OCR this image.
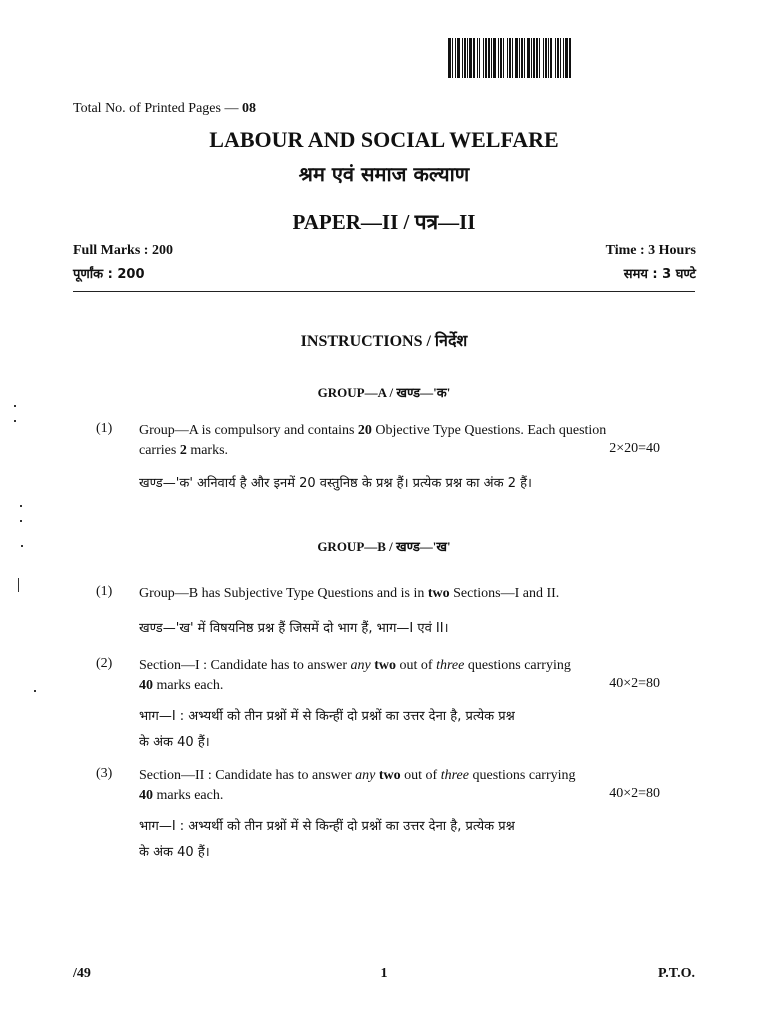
Total No. of Printed Pages — 08
LABOUR AND SOCIAL WELFARE
श्रम एवं समाज कल्याण
PAPER—II / पत्र—II
Full Marks : 200
पूर्णांक : 200
Time : 3 Hours
समय : 3 घण्टे
INSTRUCTIONS / निर्देश
GROUP—A / खण्ड—'क'
(1) Group—A is compulsory and contains 20 Objective Type Questions. Each question
carries 2 marks.	2×20=40
खण्ड—'क' अनिवार्य है और इनमें 20 वस्तुनिष्ठ के प्रश्न हैं। प्रत्येक प्रश्न का अंक 2 हैं।
GROUP—B / खण्ड—'ख'
(1) Group—B has Subjective Type Questions and is in two Sections—I and II.
खण्ड—'ख' में विषयनिष्ठ प्रश्न हैं जिसमें दो भाग हैं, भाग—I एवं II।
(2) Section—I : Candidate has to answer any two out of three questions carrying
40 marks each.	40×2=80
भाग—I : अभ्यर्थी को तीन प्रश्नों में से किन्हीं दो प्रश्नों का उत्तर देना है, प्रत्येक प्रश्न
के अंक 40 हैं।
(3) Section—II : Candidate has to answer any two out of three questions carrying
40 marks each.	40×2=80
भाग—I : अभ्यर्थी को तीन प्रश्नों में से किन्हीं दो प्रश्नों का उत्तर देना है, प्रत्येक प्रश्न
के अंक 40 हैं।
/49	1	P.T.O.
